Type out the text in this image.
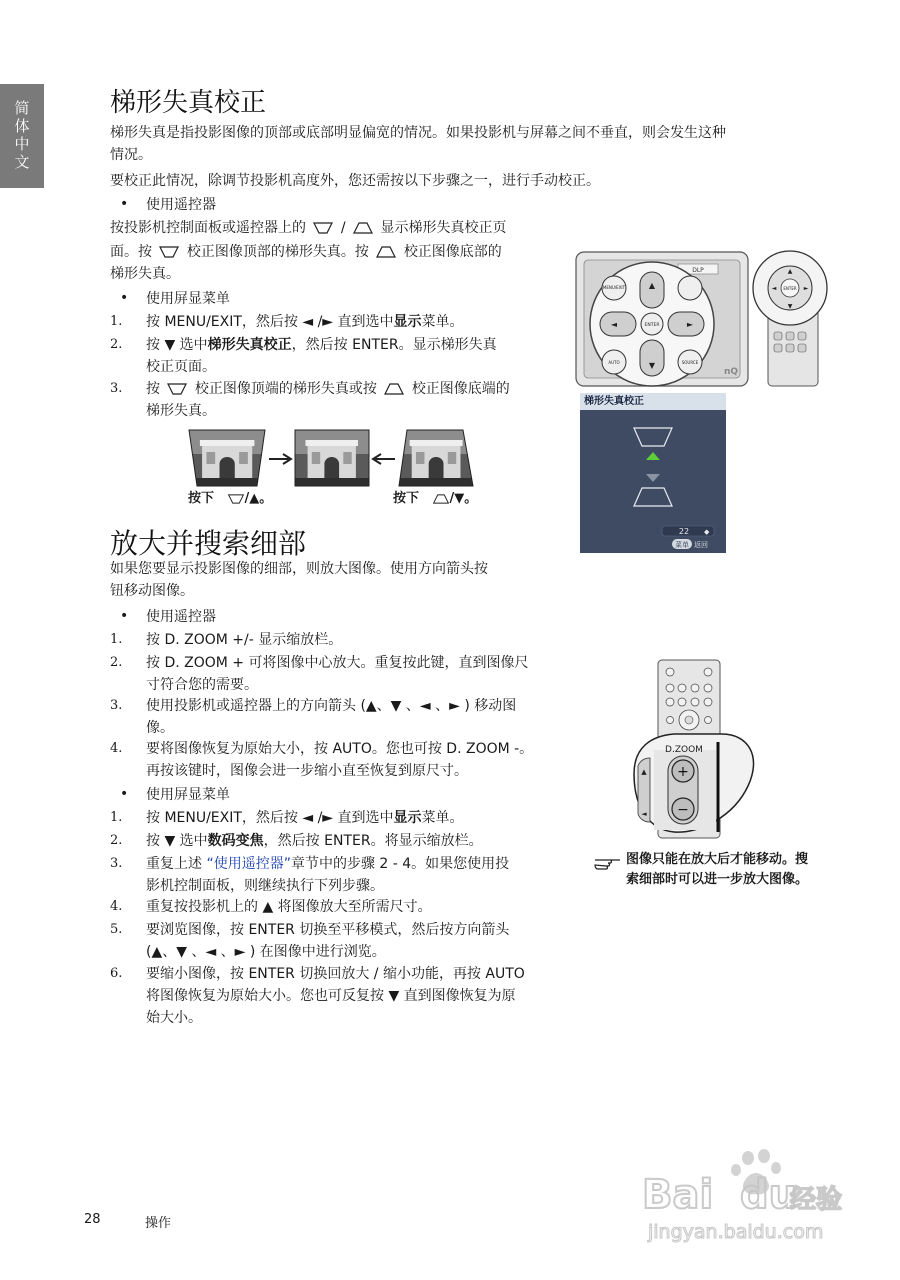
简体中文	梯形失真校正
梯形失真是指投影图像的顶部或底部明显偏宽的情况。如果投影机与屏幕之间不垂直，则会发生这种
情况。
要校正此情况，除调节投影机高度外，您还需按以下步骤之一，进行手动校正。
• 使用遥控器
按投影机控制面板或遥控器上的 / 显示梯形失真校正页
面。按 校正图像顶部的梯形失真。按 校正图像底部的
梯形失真。
• 使用屏显菜单
1. 按 MENU/EXIT，然后按 ◄ /► 直到选中显示菜单。
2. 按 ▼ 选中梯形失真校正，然后按 ENTER。显示梯形失真
校正页面。
3. 按 校正图像顶端的梯形失真或按 校正图像底端的
梯形失真。
按下 /▲。	按下 /▼。
DLP
ENTER
MENU/EXIT
AUTO	SOURCE
▲
▼
◄	►
nQ
ENTER
▲
▼
◄	►
梯形失真校正
22 ◆
菜单 返回
放大并搜索细部
如果您要显示投影图像的细部，则放大图像。使用方向箭头按
钮移动图像。
• 使用遥控器
1. 按 D. ZOOM +/- 显示缩放栏。
2. 按 D. ZOOM + 可将图像中心放大。重复按此键，直到图像尺
寸符合您的需要。
3. 使用投影机或遥控器上的方向箭头 (▲、▼ 、◄ 、► ) 移动图
像。
4. 要将图像恢复为原始大小，按 AUTO。您也可按 D. ZOOM -。
再按该键时，图像会进一步缩小直至恢复到原尺寸。
• 使用屏显菜单
1. 按 MENU/EXIT，然后按 ◄ /► 直到选中显示菜单。
2. 按 ▼ 选中数码变焦，然后按 ENTER。将显示缩放栏。
3. 重复上述 “使用遥控器”章节中的步骤 2 - 4。如果您使用投
影机控制面板，则继续执行下列步骤。
4. 重复按投影机上的 ▲ 将图像放大至所需尺寸。
5. 要浏览图像，按 ENTER 切换至平移模式，然后按方向箭头
(▲、▼ 、◄ 、► ) 在图像中进行浏览。
6. 要缩小图像，按 ENTER 切换回放大 / 缩小功能，再按 AUTO
将图像恢复为原始大小。您也可反复按 ▼ 直到图像恢复为原
始大小。
D.ZOOM
+
−
▲
◄
图像只能在放大后才能移动。搜
索细部时可以进一步放大图像。
28	操作
Bai du
经验
jingyan.baidu.com
